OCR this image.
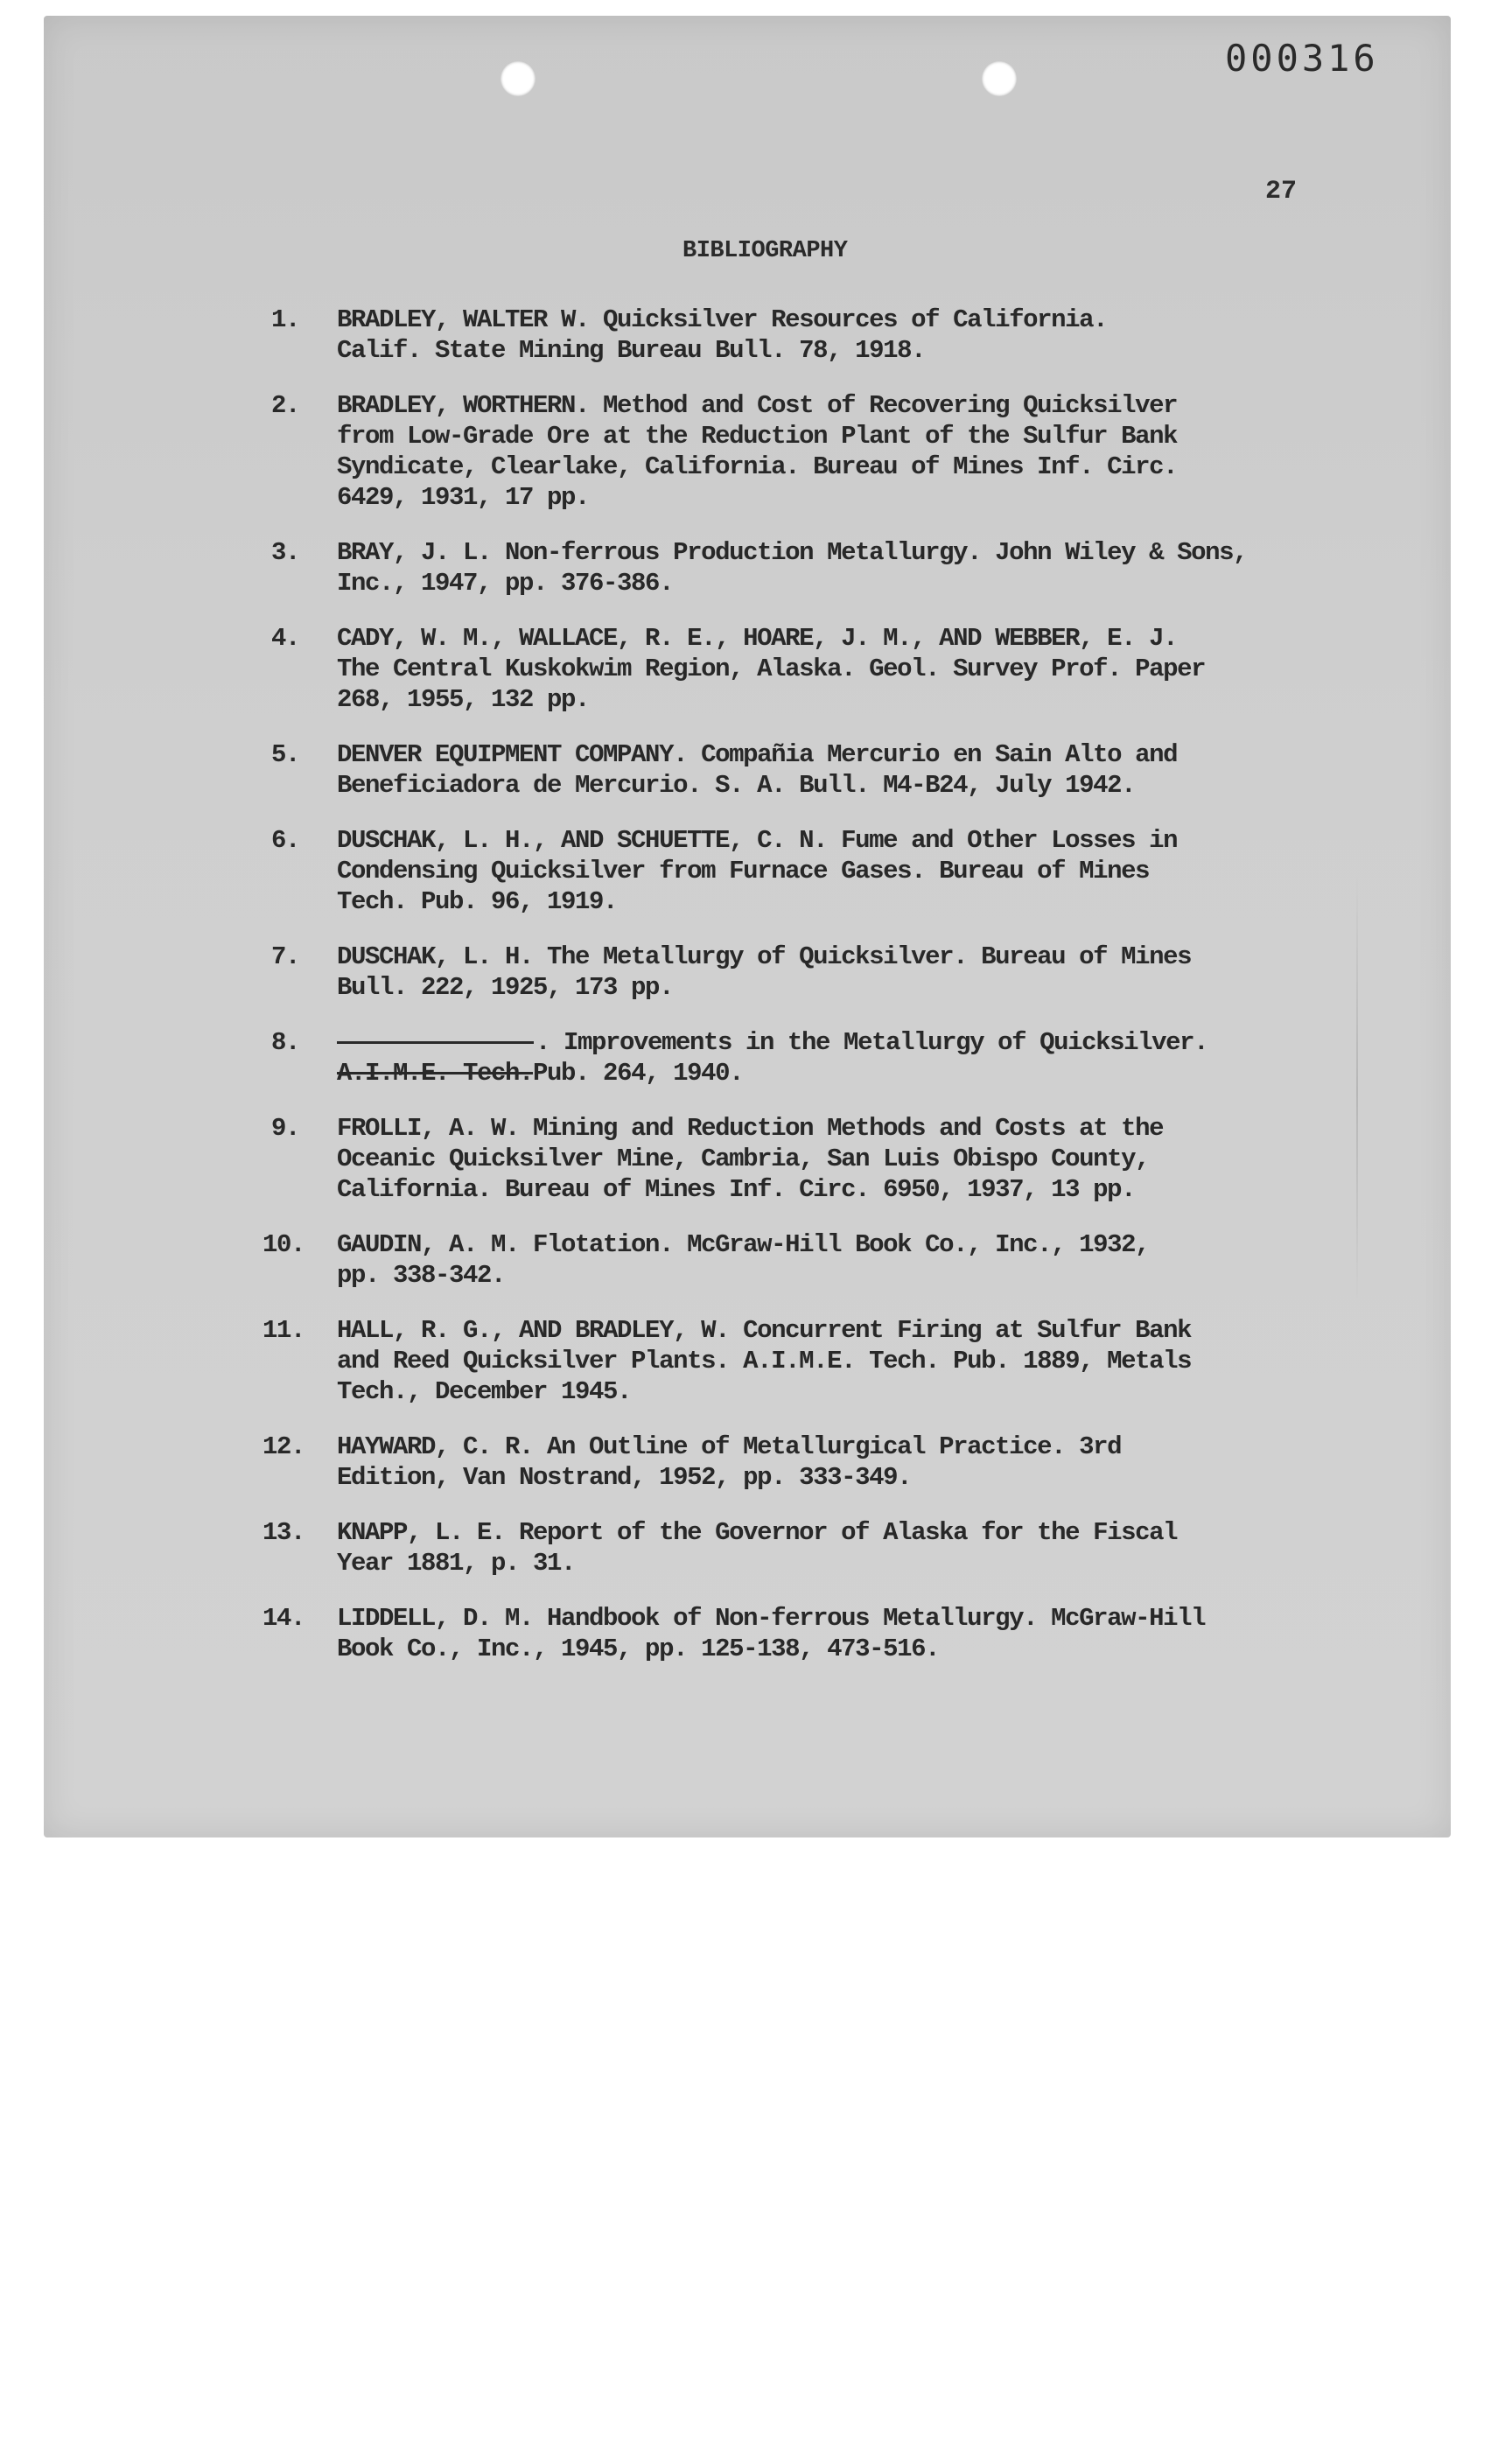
000316
27
BIBLIOGRAPHY
1.	BRADLEY, WALTER W. Quicksilver Resources of California.
Calif. State Mining Bureau Bull. 78, 1918.
2.	BRADLEY, WORTHERN. Method and Cost of Recovering Quicksilver
from Low-Grade Ore at the Reduction Plant of the Sulfur Bank
Syndicate, Clearlake, California. Bureau of Mines Inf. Circ.
6429, 1931, 17 pp.
3.	BRAY, J. L. Non-ferrous Production Metallurgy. John Wiley & Sons,
Inc., 1947, pp. 376-386.
4.	CADY, W. M., WALLACE, R. E., HOARE, J. M., AND WEBBER, E. J.
The Central Kuskokwim Region, Alaska. Geol. Survey Prof. Paper
268, 1955, 132 pp.
5.	DENVER EQUIPMENT COMPANY. Compañia Mercurio en Sain Alto and
Beneficiadora de Mercurio. S. A. Bull. M4-B24, July 1942.
6.	DUSCHAK, L. H., AND SCHUETTE, C. N. Fume and Other Losses in
Condensing Quicksilver from Furnace Gases. Bureau of Mines
Tech. Pub. 96, 1919.
7.	DUSCHAK, L. H. The Metallurgy of Quicksilver. Bureau of Mines
Bull. 222, 1925, 173 pp.
8.	. Improvements in the Metallurgy of Quicksilver.
A.I.M.E. Tech.Pub. 264, 1940.
9.	FROLLI, A. W. Mining and Reduction Methods and Costs at the
Oceanic Quicksilver Mine, Cambria, San Luis Obispo County,
California. Bureau of Mines Inf. Circ. 6950, 1937, 13 pp.
10.	GAUDIN, A. M. Flotation. McGraw-Hill Book Co., Inc., 1932,
pp. 338-342.
11.	HALL, R. G., AND BRADLEY, W. Concurrent Firing at Sulfur Bank
and Reed Quicksilver Plants. A.I.M.E. Tech. Pub. 1889, Metals
Tech., December 1945.
12.	HAYWARD, C. R. An Outline of Metallurgical Practice. 3rd
Edition, Van Nostrand, 1952, pp. 333-349.
13.	KNAPP, L. E. Report of the Governor of Alaska for the Fiscal
Year 1881, p. 31.
14.	LIDDELL, D. M. Handbook of Non-ferrous Metallurgy. McGraw-Hill
Book Co., Inc., 1945, pp. 125-138, 473-516.
